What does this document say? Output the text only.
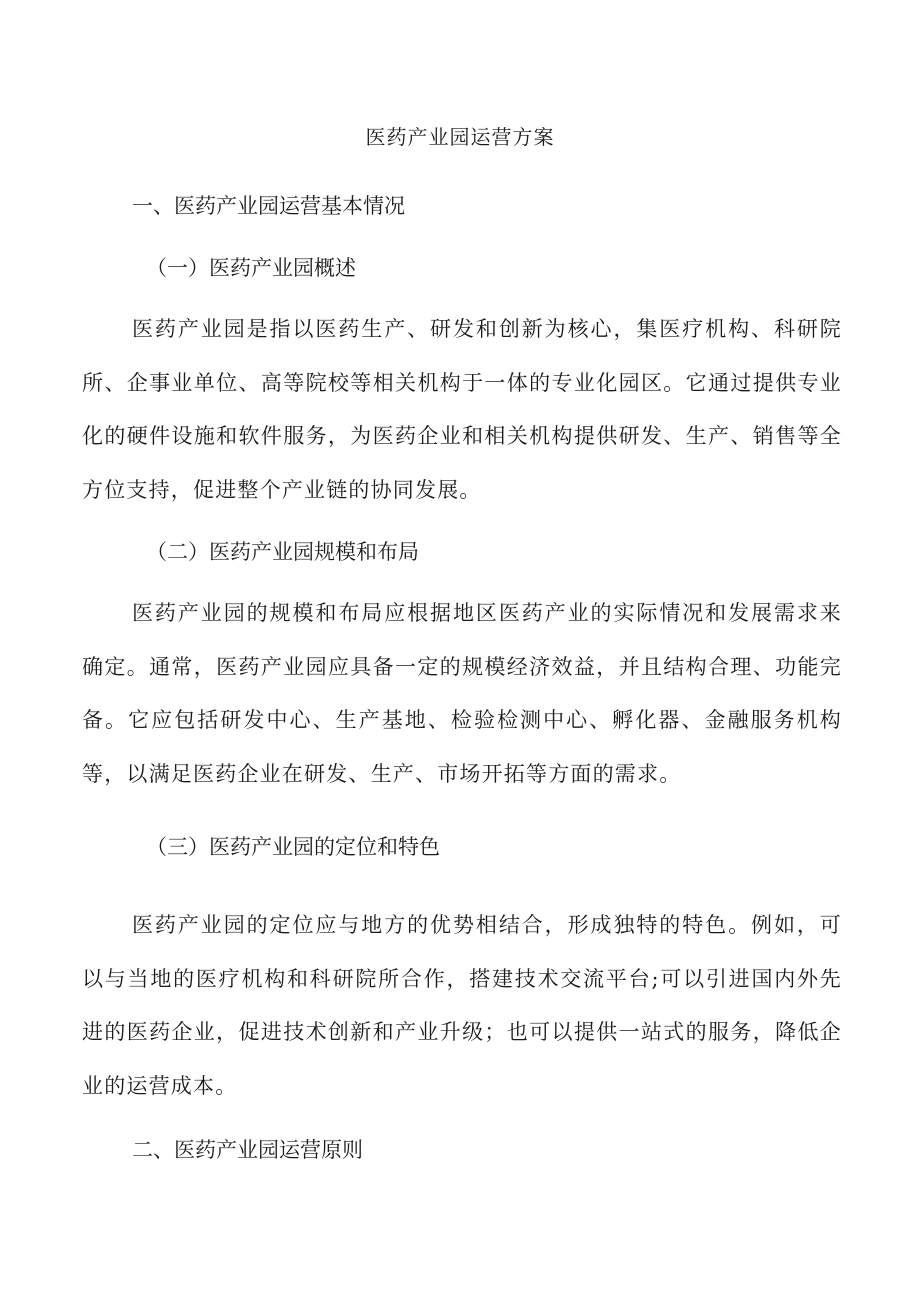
医药产业园运营方案
一、医药产业园运营基本情况
（一）医药产业园概述
医药产业园是指以医药生产、研发和创新为核心，集医疗机构、科研院所、企事业单位、高等院校等相关机构于一体的专业化园区。它通过提供专业化的硬件设施和软件服务，为医药企业和相关机构提供研发、生产、销售等全方位支持，促进整个产业链的协同发展。
（二）医药产业园规模和布局
医药产业园的规模和布局应根据地区医药产业的实际情况和发展需求来确定。通常，医药产业园应具备一定的规模经济效益，并且结构合理、功能完备。它应包括研发中心、生产基地、检验检测中心、孵化器、金融服务机构等，以满足医药企业在研发、生产、市场开拓等方面的需求。
（三）医药产业园的定位和特色
医药产业园的定位应与地方的优势相结合，形成独特的特色。例如，可以与当地的医疗机构和科研院所合作，搭建技术交流平台;可以引进国内外先进的医药企业，促进技术创新和产业升级；也可以提供一站式的服务，降低企业的运营成本。
二、医药产业园运营原则
